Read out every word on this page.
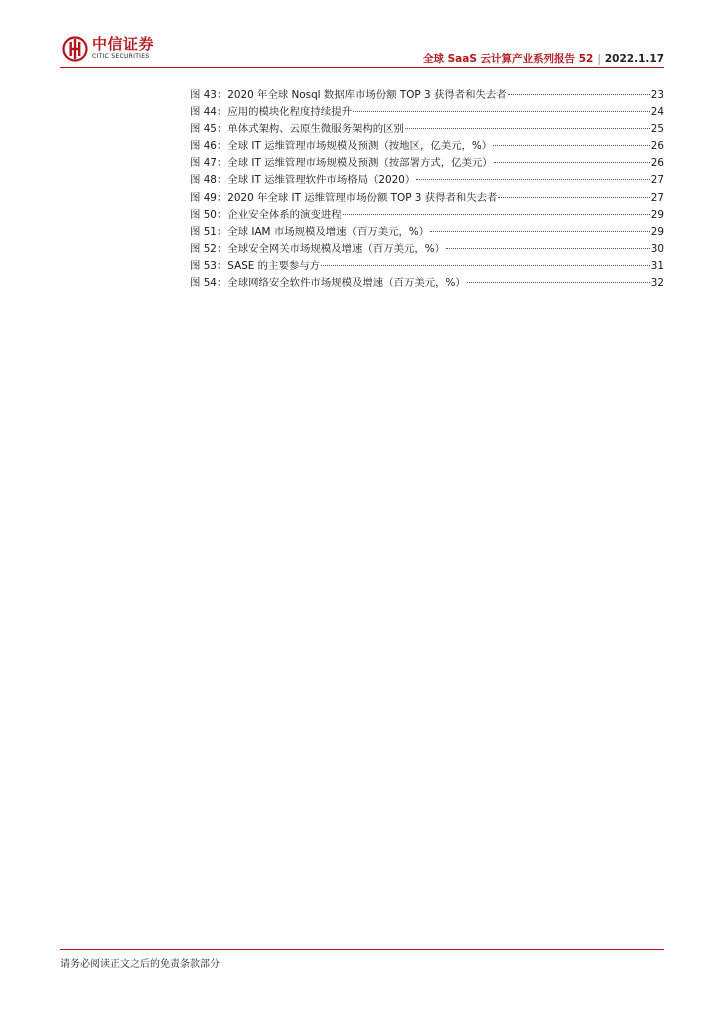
中信证券
CITIC SECURITIES	全球 SaaS 云计算产业系列报告 52 | 2022.1.17
图 43：2020 年全球 Nosql 数据库市场份额 TOP 3 获得者和失去者	23
图 44：应用的模块化程度持续提升	24
图 45：单体式架构、云原生微服务架构的区别	25
图 46：全球 IT 运维管理市场规模及预测（按地区，亿美元，%）	26
图 47：全球 IT 运维管理市场规模及预测（按部署方式，亿美元）	26
图 48：全球 IT 运维管理软件市场格局（2020）	27
图 49：2020 年全球 IT 运维管理市场份额 TOP 3 获得者和失去者	27
图 50：企业安全体系的演变进程	29
图 51：全球 IAM 市场规模及增速（百万美元，%）	29
图 52：全球安全网关市场规模及增速（百万美元，%）	30
图 53：SASE 的主要参与方	31
图 54：全球网络安全软件市场规模及增速（百万美元，%）	32
请务必阅读正文之后的免责条款部分
